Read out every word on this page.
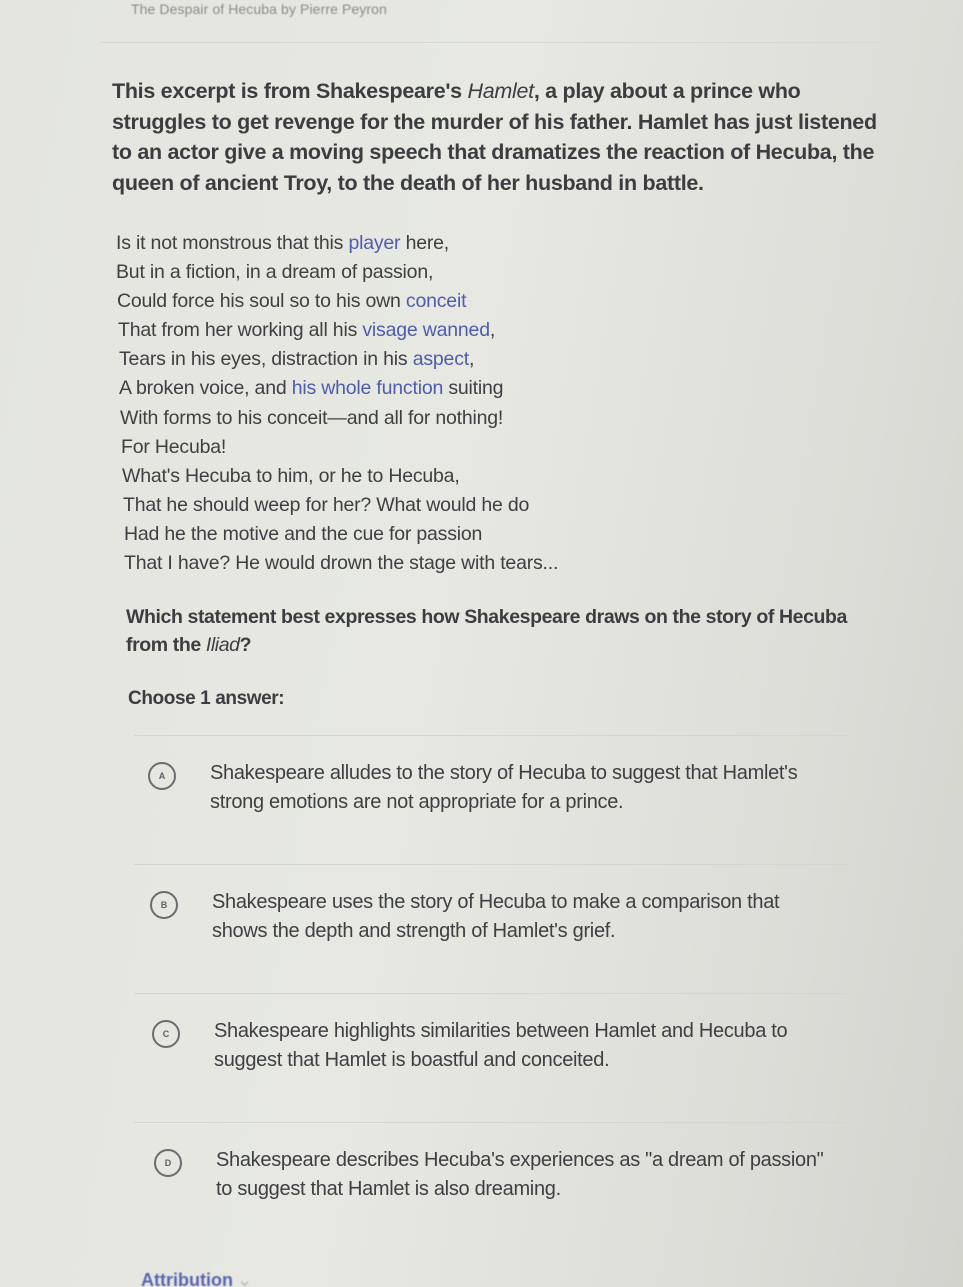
The Despair of Hecuba by Pierre Peyron

This excerpt is from Shakespeare's Hamlet, a play about a prince who struggles to get revenge for the murder of his father. Hamlet has just listened to an actor give a moving speech that dramatizes the reaction of Hecuba, the queen of ancient Troy, to the death of her husband in battle.

Is it not monstrous that this player here,
But in a fiction, in a dream of passion,
Could force his soul so to his own conceit
That from her working all his visage wanned,
Tears in his eyes, distraction in his aspect,
A broken voice, and his whole function suiting
With forms to his conceit—and all for nothing!
For Hecuba!
What's Hecuba to him, or he to Hecuba,
That he should weep for her? What would he do
Had he the motive and the cue for passion
That I have? He would drown the stage with tears...

Which statement best expresses how Shakespeare draws on the story of Hecuba from the Iliad?

Choose 1 answer:
A	Shakespeare alludes to the story of Hecuba to suggest that Hamlet's strong emotions are not appropriate for a prince.
B	Shakespeare uses the story of Hecuba to make a comparison that shows the depth and strength of Hamlet's grief.
C	Shakespeare highlights similarities between Hamlet and Hecuba to suggest that Hamlet is boastful and conceited.
D	Shakespeare describes Hecuba's experiences as "a dream of passion" to suggest that Hamlet is also dreaming.
Attribution ⌄
